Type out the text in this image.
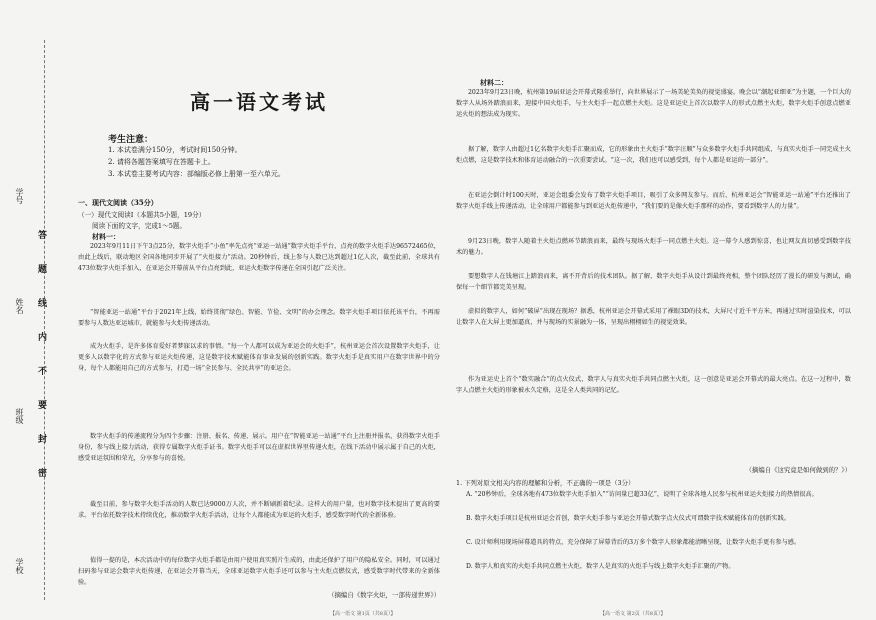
学号
姓名
班级
学校
答
题
线
内
不
要
封
密
高一语文考试
考生注意：
1. 本试卷满分150分，考试时间150分钟。
2. 请将各题答案填写在答题卡上。
3. 本试卷主要考试内容：部编版必修上册第一至六单元。
一、现代文阅读（35分）
（一）现代文阅读Ⅰ（本题共5小题，19分）
阅读下面的文字，完成1～5题。
材料一：

2023年9月11日下午3点25分，数字火炬手“小鱼”率先点亮“亚运一站通”数字火炬手平台，点亮的数字火炬手达96572465位，由此上线后，联动地区全国各地同步开展了“火炬接力”活动。20秒钟后，线上参与人数已达到超过1亿人次，截至此前，全球共有473位数字火炬手加入，在亚运会开幕前从平台点亮到此，亚运火炬数字传递在全国引起广泛关注。

“智能亚运一站通”平台于2021年上线，始终贯彻“绿色、智能、节俭、文明”的办会理念。数字火炬手项目依托该平台，不再需要参与人数达亚运城市，就能参与火炬传递活动。

成为火炬手，是许多体育爱好者梦寐以求的事情。“每一个人都可以成为亚运会的火炬手”，杭州亚运会首次设置数字火炬手，让更多人以数字化的方式参与亚运火炬传递，这是数字技术赋能体育事业发展的创新实践。数字火炬手是真实用户在数字世界中的分身，每个人都能用自己的方式参与，打造一场“全民参与、全民共享”的亚运会。

数字火炬手的传递流程分为四个步骤：注册、报名、传递、展示。用户在“智能亚运一站通”平台上注册并报名，获得数字火炬手身份，参与线上接力活动，获得专属数字火炬手证书。数字火炬手可以在虚拟世界里传递火炬，在线下活动中展示属于自己的火炬，感受亚运氛围和荣光，分享参与的喜悦。

截至目前，参与数字火炬手活动的人数已达9000万人次，并不断刷新着纪录。这样大的用户量，也对数字技术提出了更高的要求。平台依托数字技术持续优化，推动数字火炬手活动，让每个人都能成为亚运的火炬手，感受数字时代的全新体验。

值得一提的是，本次活动中的每位数字火炬手都是由用户使用真实照片生成的，由此还保护了用户的隐私安全。同时，可以通过扫码参与亚运会数字火炬传递，在亚运会开幕当天，全球亚运数字火炬手还可以参与主火炬点燃仪式，感受数字时代带来的全新体验。

（摘编自《数字火炬，一部传递世界》）
材料二：

2023年9月23日晚，杭州第19届亚运会开幕式隆重举行，向世界展示了一场美轮美奂的视觉盛宴。晚会以“潮起亚细亚”为主题，一个巨大的数字人从场外踏浪而来，迎接中国火炬手，与主火炬手一起点燃主火炬。这是亚运史上首次以数字人的形式点燃主火炬，数字火炬手创意点燃亚运火炬的想法成为现实。

据了解，数字人由超过1亿名数字火炬手汇聚而成，它的形象由主火炬手“数字汪顺”与众多数字火炬手共同组成，与真实火炬手一同完成主火炬点燃，这是数字技术和体育运动融合的一次重要尝试。“这一次，我们也可以感受到，每个人都是亚运的一部分”。

在亚运会倒计时100天时，亚运会组委会发布了数字火炬手项目，吸引了众多网友参与。而后，杭州亚运会“智能亚运一站通”平台还推出了数字火炬手线上传递活动，让全球用户都能参与到亚运火炬传递中，“我们要的是像火炬手那样的动作，要看到数字人的力量”。

9月23日晚，数字人随着主火炬点燃环节踏浪而来，最终与现场火炬手一同点燃主火炬。这一幕令人感到惊喜，也让网友真切感受到数字技术的魅力。

要想数字人在钱塘江上踏浪而来，离不开背后的技术团队。据了解，数字火炬手从设计到最终亮相，整个团队经历了漫长的研发与测试，确保每一个细节都完美呈现。

虚拟的数字人，如何“破屏”出现在现场？据悉，杭州亚运会开幕式采用了裸眼3D的技术，大屏尺寸近千平方米，再通过实时渲染技术，可以让数字人在大屏上更加逼真，并与现场的实景融为一体，呈现出栩栩如生的视觉效果。

作为亚运史上首个“数实融合”的点火仪式，数字人与真实火炬手共同点燃主火炬，这一创意是亚运会开幕式的最大亮点。在这一过程中，数字人点燃主火炬的形象被永久定格，这是全人类共同的记忆。

（摘编自《这究竟是如何做到的？》）
1. 下列对原文相关内容的理解和分析，不正确的一项是（3分）
A. “20秒钟后，全球各地有473位数字火炬手加入”“访问量已超33亿”，说明了全球各地人民参与杭州亚运火炬接力的热情很高。
B. 数字火炬手项目是杭州亚运会首创，数字火炬手参与亚运会开幕式数字点火仪式可谓数字技术赋能体育的创新实践。
C. 设计师利用现场屏幕道具的特点，充分保障了屏幕背后的3万多个数字人形象都能清晰呈现，让数字火炬手更有参与感。
D. 数字人和真实的火炬手共同点燃主火炬，数字人是真实的火炬手与线上数字火炬手汇聚的产物。
【高一语文 第1页（共8页）】	【高一语文 第2页（共8页）】
